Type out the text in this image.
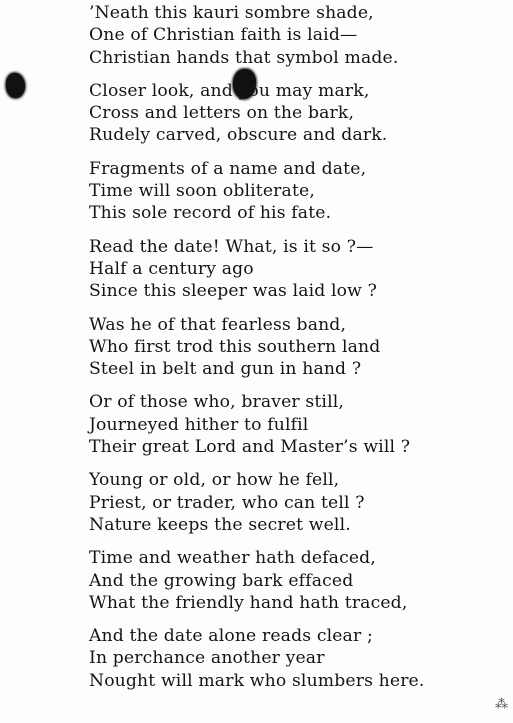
⁂
’Neath this kauri sombre shade,
One of Christian faith is laid—
Christian hands that symbol made.
Closer look, and you may mark,
Cross and letters on the bark,
Rudely carved, obscure and dark.
Fragments of a name and date,
Time will soon obliterate,
This sole record of his fate.
Read the date! What, is it so ?—
Half a century ago
Since this sleeper was laid low ?
Was he of that fearless band,
Who first trod this southern land
Steel in belt and gun in hand ?
Or of those who, braver still,
Journeyed hither to fulfil
Their great Lord and Master’s will ?
Young or old, or how he fell,
Priest, or trader, who can tell ?
Nature keeps the secret well.
Time and weather hath defaced,
And the growing bark effaced
What the friendly hand hath traced,
And the date alone reads clear ;
In perchance another year
Nought will mark who slumbers here.
